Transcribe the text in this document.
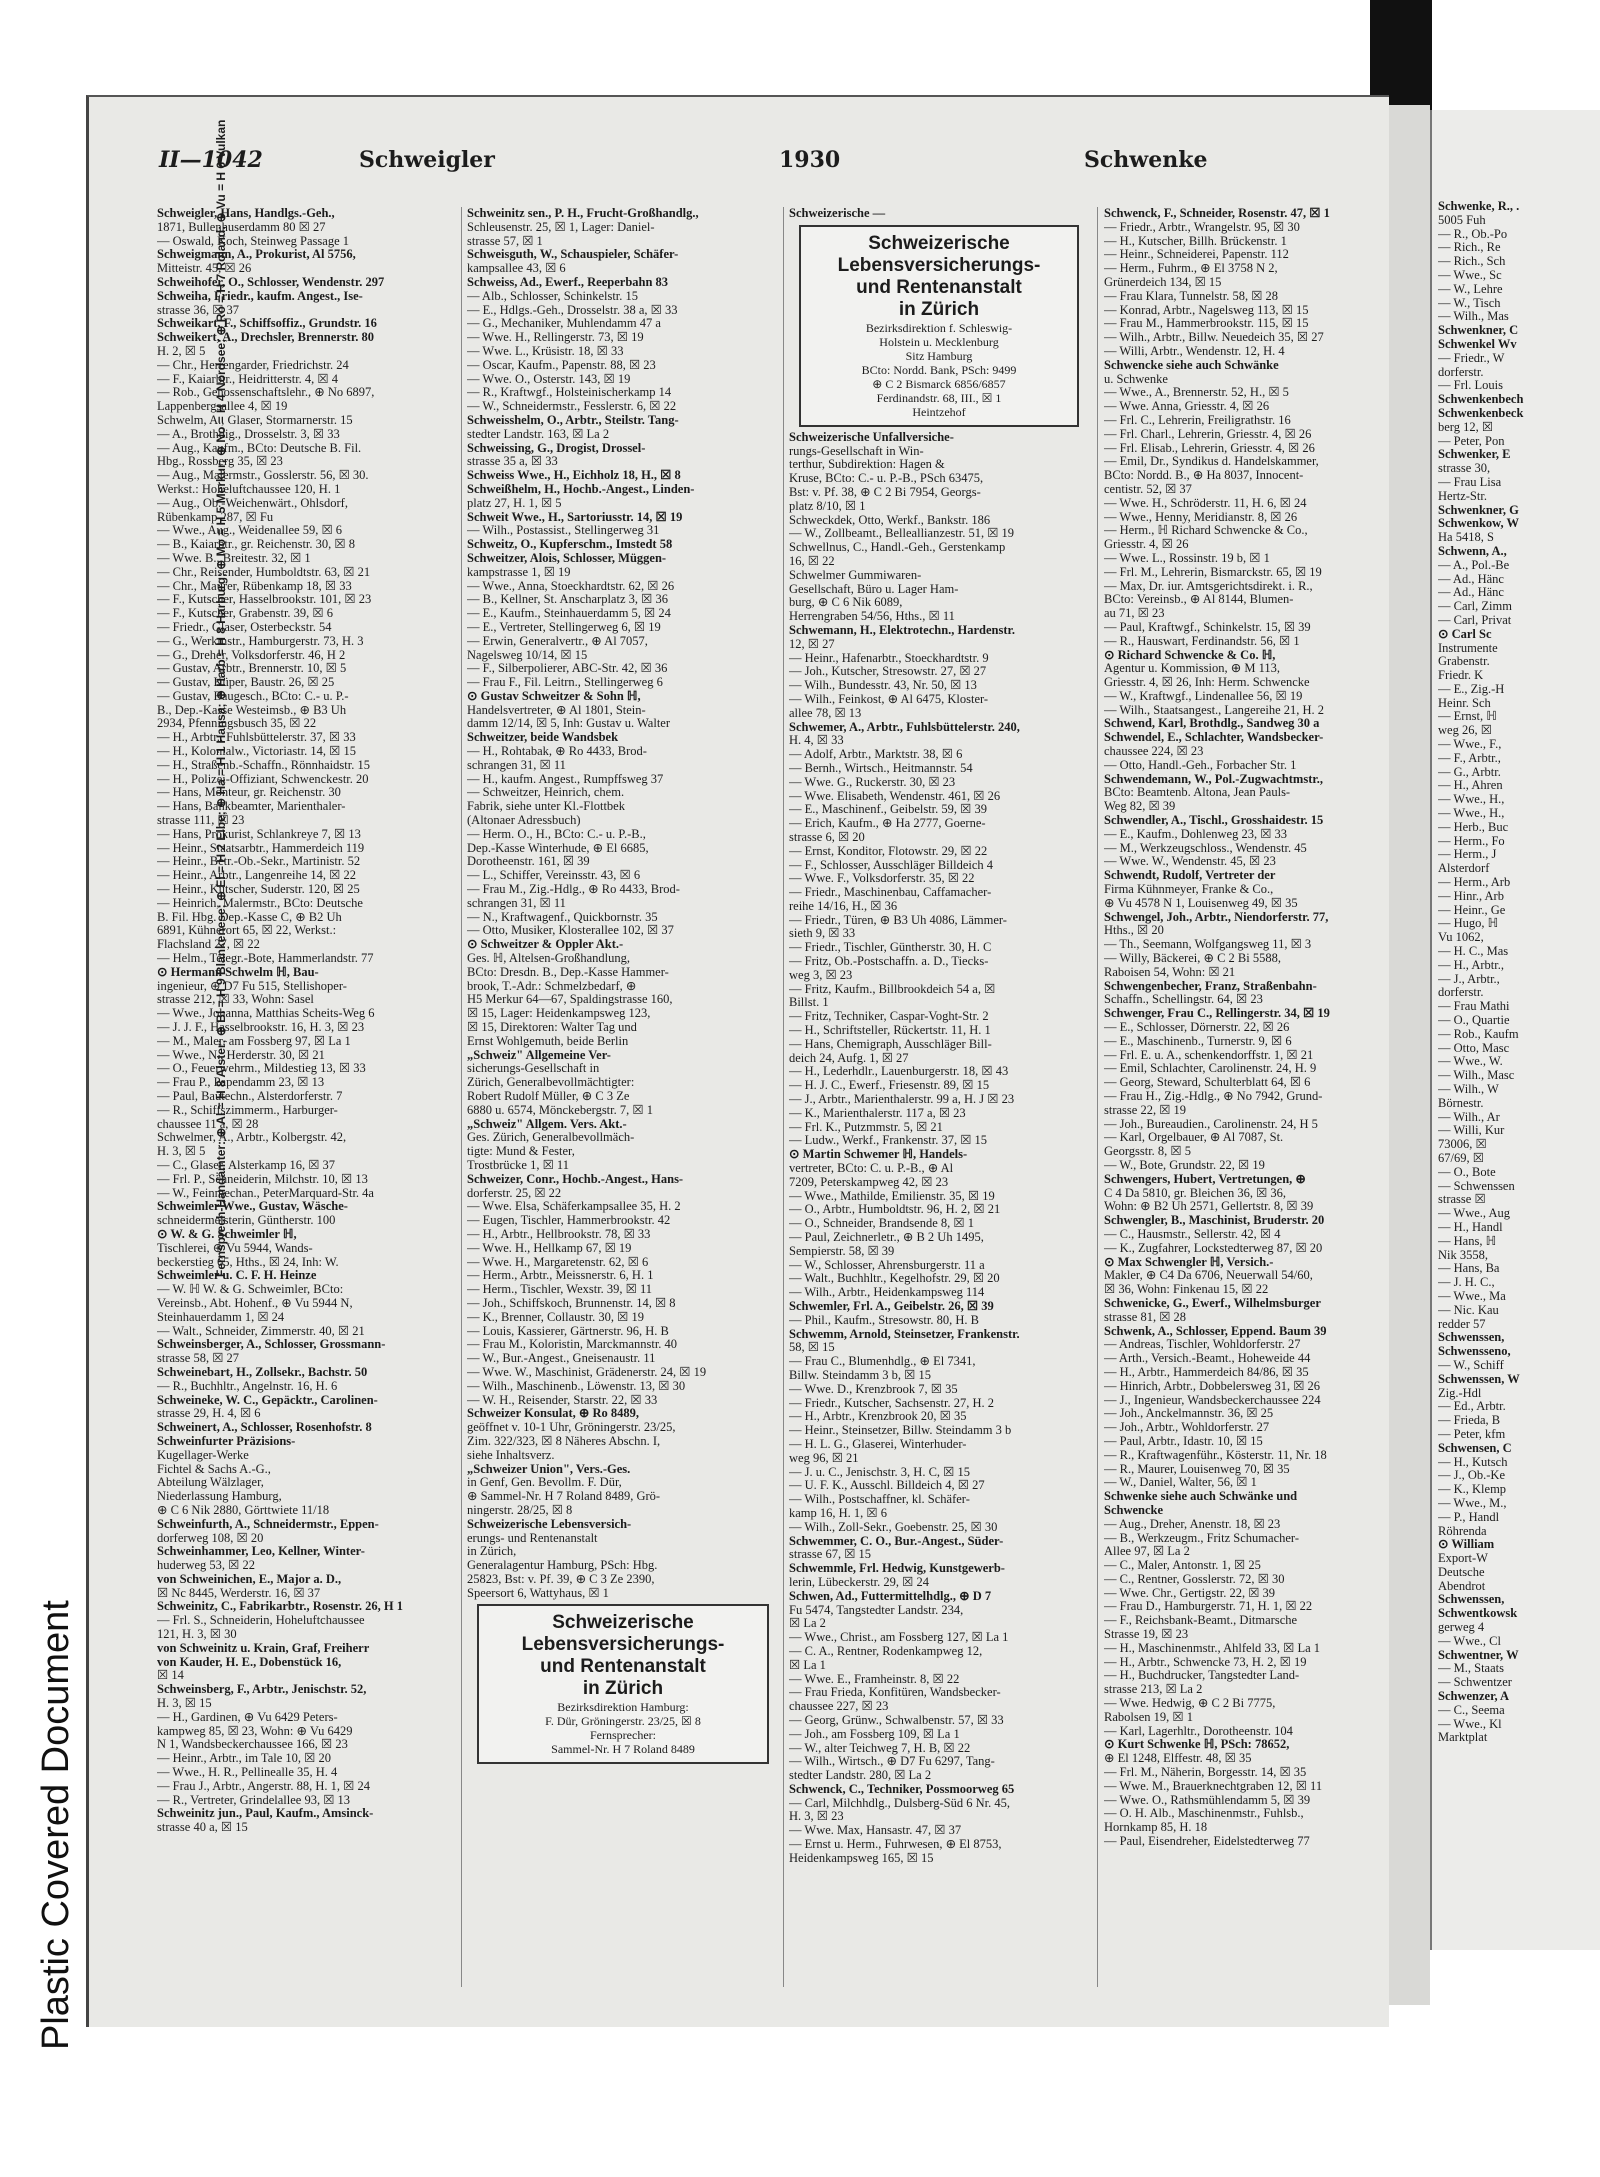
Plastic Covered Document
II—1042	Schweigler	1930	Schwenke
Fernsprech-Handämter: ⊕ Al = H 8 Alster; ⊕ Bl = H 9 Blankenese; ⊕ El = H 2 Elbe; ⊕ Ha = H 1 Hansa; ⊕ Harb = H 8 Harburg; ⊕ Mo = H 5 Merkur; ⊕ No = H 4 Nordsee; ⊕ Ro = H 7 Roland; ⊕ Vu = H 6 Vulkan
Schweigler, Hans, Handlgs.-Geh.,
1871, Bullenhuserdamm 80 ☒ 27
— Oswald, Koch, Steinweg Passage 1
Schweigmann, A., Prokurist, Al 5756,
Mitteistr. 45, ☒ 26
Schweihofer, O., Schlosser, Wendenstr. 297
Schweiha, Friedr., kaufm. Angest., Ise-
strasse 36, ☒ 37
Schweikart, F., Schiffsoffiz., Grundstr. 16
Schweikert, A., Drechsler, Brennerstr. 80
H. 2, ☒ 5
— Chr., Herrengarder, Friedrichstr. 24
— F., Kaiarbtr., Heidritterstr. 4, ☒ 4
— Rob., Genossenschaftslehr., ⊕ No 6897,
Lappenbergsallee 4, ☒ 19
Schwelm, A., Glaser, Stormarnerstr. 15
— A., Brothdig., Drosselstr. 3, ☒ 33
— Aug., Kaufm., BCto: Deutsche B. Fil.
Hbg., Rossberg 35, ☒ 23
— Aug., Malermstr., Gosslerstr. 56, ☒ 30.
Werkst.: Hoheluftchaussee 120, H. 1
— Aug., Ob.-Weichenwärt., Ohlsdorf,
Rübenkamp 287, ☒ Fu
— Wwe., Aug., Weidenallee 59, ☒ 6
— B., Kaiarbtr., gr. Reichenstr. 30, ☒ 8
— Wwe. B., Breitestr. 32, ☒ 1
— Chr., Reisender, Humboldtstr. 63, ☒ 21
— Chr., Maurer, Rübenkamp 18, ☒ 33
— F., Kutscher, Hasselbrookstr. 101, ☒ 23
— F., Kutscher, Grabenstr. 39, ☒ 6
— Friedr., Glaser, Osterbeckstr. 54
— G., Werkmstr., Hamburgerstr. 73, H. 3
— G., Dreher, Volksdorferstr. 46, H 2
— Gustav, Arbtr., Brennerstr. 10, ☒ 5
— Gustav, Küper, Baustr. 26, ☒ 25
— Gustav, Baugesch., BCto: C.- u. P.-
B., Dep.-Kasse Westeimsb., ⊕ B3 Uh
2934, Pfenningsbusch 35, ☒ 22
— H., Arbtr., Fuhlsbüttelerstr. 37, ☒ 33
— H., Kolonialw., Victoriastr. 14, ☒ 15
— H., Straßenb.-Schaffn., Rönnhaidstr. 15
— H., Polizei-Offiziant, Schwenckestr. 20
— Hans, Monteur, gr. Reichenstr. 30
— Hans, Bankbeamter, Marienthaler-
strasse 111, ☒ 23
— Hans, Prokurist, Schlankreye 7, ☒ 13
— Heinr., Staatsarbtr., Hammerdeich 119
— Heinr., Betr.-Ob.-Sekr., Martinistr. 52
— Heinr., Arbtr., Langenreihe 14, ☒ 22
— Heinr., Kutscher, Suderstr. 120, ☒ 25
— Heinrich, Malermstr., BCto: Deutsche
B. Fil. Hbg. Dep.-Kasse C, ⊕ B2 Uh
6891, Kühnerort 65, ☒ 22, Werkst.:
Flachsland 27, ☒ 22
— Helm., Telegr.-Bote, Hammerlandstr. 77
⊙ Hermann Schwelm ℍ, Bau-
ingenieur, ⊕ D7 Fu 515, Stellishoper-
strasse 212, ☒ 33, Wohn: Sasel
— Wwe., Johanna, Matthias Scheits-Weg 6
— J. J. F., Hasselbrookstr. 16, H. 3, ☒ 23
— M., Maler, am Fossberg 97, ☒ La 1
— Wwe., N., Herderstr. 30, ☒ 21
— O., Feuerwehrm., Mildestieg 13, ☒ 33
— Frau P., Papendamm 23, ☒ 13
— Paul, Bautechn., Alsterdorferstr. 7
— R., Schiffszimmerm., Harburger-
chaussee 11 a, ☒ 28
Schwelmer, A., Arbtr., Kolbergstr. 42,
H. 3, ☒ 5
— C., Glaser, Alsterkamp 16, ☒ 37
— Frl. P., Schneiderin, Milchstr. 10, ☒ 13
— W., Feinmechan., PeterMarquard-Str. 4a
Schweimler Wwe., Gustav, Wäsche-
schneidermeisterin, Güntherstr. 100
⊙ W. & G. Schweimler ℍ,
Tischlerei, ⊕ Vu 5944, Wands-
beckerstieg 65, Hths., ☒ 24, Inh: W.
Schweimler u. C. F. H. Heinze
— W. ℍ W. & G. Schweimler, BCto:
Vereinsb., Abt. Hohenf., ⊕ Vu 5944 N,
Steinhauerdamm 1, ☒ 24
— Walt., Schneider, Zimmerstr. 40, ☒ 21
Schweinsberger, A., Schlosser, Grossmann-
strasse 58, ☒ 27
Schweinebart, H., Zollsekr., Bachstr. 50
— R., Buchhltr., Angelnstr. 16, H. 6
Schweineke, W. C., Gepäcktr., Carolinen-
strasse 29, H. 4, ☒ 6
Schweinert, A., Schlosser, Rosenhofstr. 8
Schweinfurter Präzisions-
Kugellager-Werke
Fichtel & Sachs A.-G.,
Abteilung Wälzlager,
Niederlassung Hamburg,
⊕ C 6 Nik 2880, Görttwiete 11/18
Schweinfurth, A., Schneidermstr., Eppen-
dorferweg 108, ☒ 20
Schweinhammer, Leo, Kellner, Winter-
huderweg 53, ☒ 22
von Schweinichen, E., Major a. D.,
☒ Nc 8445, Werderstr. 16, ☒ 37
Schweinitz, C., Fabrikarbtr., Rosenstr. 26, H 1
— Frl. S., Schneiderin, Hoheluftchaussee
121, H. 3, ☒ 30
von Schweinitz u. Krain, Graf, Freiherr
von Kauder, H. E., Dobenstück 16,
☒ 14
Schweinsberg, F., Arbtr., Jenischstr. 52,
H. 3, ☒ 15
— H., Gardinen, ⊕ Vu 6429 Peters-
kampweg 85, ☒ 23, Wohn: ⊕ Vu 6429
N 1, Wandsbeckerchaussee 166, ☒ 23
— Heinr., Arbtr., im Tale 10, ☒ 20
— Wwe., H. R., Pellinealle 35, H. 4
— Frau J., Arbtr., Angerstr. 88, H. 1, ☒ 24
— R., Vertreter, Grindelallee 93, ☒ 13
Schweinitz jun., Paul, Kaufm., Amsinck-
strasse 40 a, ☒ 15
Schweinitz sen., P. H., Frucht-Großhandlg.,
Schleusenstr. 25, ☒ 1, Lager: Daniel-
strasse 57, ☒ 1
Schweisguth, W., Schauspieler, Schäfer-
kampsallee 43, ☒ 6
Schweiss, Ad., Ewerf., Reeperbahn 83
— Alb., Schlosser, Schinkelstr. 15
— E., Hdlgs.-Geh., Drosselstr. 38 a, ☒ 33
— G., Mechaniker, Muhlendamm 47 a
— Wwe. H., Rellingerstr. 73, ☒ 19
— Wwe. L., Krüsistr. 18, ☒ 33
— Oscar, Kaufm., Papenstr. 88, ☒ 23
— Wwe. O., Osterstr. 143, ☒ 19
— R., Kraftwgf., Holsteinischerkamp 14
— W., Schneidermstr., Fesslerstr. 6, ☒ 22
Schweisshelm, O., Arbtr., Steilstr. Tang-
stedter Landstr. 163, ☒ La 2
Schweissing, G., Drogist, Drossel-
strasse 35 a, ☒ 33
Schweiss Wwe., H., Eichholz 18, H., ☒ 8
Schweißhelm, H., Hochb.-Angest., Linden-
platz 27, H. 1, ☒ 5
Schweit Wwe., H., Sartoriusstr. 14, ☒ 19
— Wilh., Postassist., Stellingerweg 31
Schweitz, O., Kupferschm., Imstedt 58
Schweitzer, Alois, Schlosser, Müggen-
kampstrasse 1, ☒ 19
— Wwe., Anna, Stoeckhardtstr. 62, ☒ 26
— B., Kellner, St. Anscharplatz 3, ☒ 36
— E., Kaufm., Steinhauerdamm 5, ☒ 24
— E., Vertreter, Stellingerweg 6, ☒ 19
— Erwin, Generalvertr., ⊕ Al 7057,
Nagelsweg 10/14, ☒ 15
— F., Silberpolierer, ABC-Str. 42, ☒ 36
— Frau F., Fil. Leitrn., Stellingerweg 6
⊙ Gustav Schweitzer & Sohn ℍ,
Handelsvertreter, ⊕ Al 1801, Stein-
damm 12/14, ☒ 5, Inh: Gustav u. Walter
Schweitzer, beide Wandsbek
— H., Rohtabak, ⊕ Ro 4433, Brod-
schrangen 31, ☒ 11
— H., kaufm. Angest., Rumpffsweg 37
— Schweitzer, Heinrich, chem.
Fabrik, siehe unter Kl.-Flottbek
(Altonaer Adressbuch)
— Herm. O., H., BCto: C.- u. P.-B.,
Dep.-Kasse Winterhude, ⊕ El 6685,
Dorotheenstr. 161, ☒ 39
— L., Schiffer, Vereinsstr. 43, ☒ 6
— Frau M., Zig.-Hdlg., ⊕ Ro 4433, Brod-
schrangen 31, ☒ 11
— N., Kraftwagenf., Quickbornstr. 35
— Otto, Musiker, Klosterallee 102, ☒ 37
⊙ Schweitzer & Oppler Akt.-
Ges. ℍ, Altelsen-Großhandlung,
BCto: Dresdn. B., Dep.-Kasse Hammer-
brook, T.-Adr.: Schmelzbedarf, ⊕
H5 Merkur 64—67, Spaldingstrasse 160,
☒ 15, Lager: Heidenkampsweg 123,
☒ 15, Direktoren: Walter Tag und
Ernst Wohlgemuth, beide Berlin
„Schweiz" Allgemeine Ver-
sicherungs-Gesellschaft in
Zürich, Generalbevollmächtigter:
Robert Rudolf Müller, ⊕ C 3 Ze
6880 u. 6574, Mönckebergstr. 7, ☒ 1
„Schweiz" Allgem. Vers. Akt.-
Ges. Zürich, Generalbevollmäch-
tigte: Mund & Fester,
Trostbrücke 1, ☒ 11
Schweizer, Conr., Hochb.-Angest., Hans-
dorferstr. 25, ☒ 22
— Wwe. Elsa, Schäferkampsallee 35, H. 2
— Eugen, Tischler, Hammerbrookstr. 42
— H., Arbtr., Hellbrookstr. 78, ☒ 33
— Wwe. H., Hellkamp 67, ☒ 19
— Wwe. H., Margaretenstr. 62, ☒ 6
— Herm., Arbtr., Meissnerstr. 6, H. 1
— Herm., Tischler, Wexstr. 39, ☒ 11
— Joh., Schiffskoch, Brunnenstr. 14, ☒ 8
— K., Brenner, Collaustr. 30, ☒ 19
— Louis, Kassierer, Gärtnerstr. 96, H. B
— Frau M., Koloristin, Marckmannstr. 40
— W., Bur.-Angest., Gneisenaustr. 11
— Wwe. W., Maschinist, Grädenerstr. 24, ☒ 19
— Wilh., Maschinenb., Löwenstr. 13, ☒ 30
— W. H., Reisender, Starstr. 22, ☒ 33
Schweizer Konsulat, ⊕ Ro 8489,
geöffnet v. 10-1 Uhr, Gröningerstr. 23/25,
Zim. 322/323, ☒ 8 Näheres Abschn. I,
siehe Inhaltsverz.
„Schweizer Union", Vers.-Ges.
in Genf, Gen. Bevollm. F. Dür,
⊕ Sammel-Nr. H 7 Roland 8489, Grö-
ningerstr. 28/25, ☒ 8
Schweizerische Lebensversich-
erungs- und Rentenanstalt
in Zürich,
Generalagentur Hamburg, PSch: Hbg.
25823, Bst: v. Pf. 39, ⊕ C 3 Ze 2390,
Speersort 6, Wattyhaus, ☒ 1
Schweizerische
Lebensversicherungs-
und Rentenanstalt
in Zürich
Bezirksdirektion Hamburg:
F. Dür, Gröningerstr. 23/25, ☒ 8
Fernsprecher:
Sammel-Nr. H 7 Roland 8489
Schweizerische —
Schweizerische
Lebensversicherungs-
und Rentenanstalt
in Zürich
Bezirksdirektion f. Schleswig-
Holstein u. Mecklenburg
Sitz Hamburg
BCto: Nordd. Bank, PSch: 9499
⊕ C 2 Bismarck 6856/6857
Ferdinandstr. 68, III., ☒ 1
Heintzehof
Schweizerische Unfallversiche-
rungs-Gesellschaft in Win-
terthur, Subdirektion: Hagen &
Kruse, BCto: C.- u. P.-B., PSch 63475,
Bst: v. Pf. 38, ⊕ C 2 Bi 7954, Georgs-
platz 8/10, ☒ 1
Schweckdek, Otto, Werkf., Bankstr. 186
— W., Zollbeamt., Belleallianzestr. 51, ☒ 19
Schwellnus, C., Handl.-Geh., Gerstenkamp
16, ☒ 22
Schwelmer Gummiwaren-
Gesellschaft, Büro u. Lager Ham-
burg, ⊕ C 6 Nik 6089,
Herrengraben 54/56, Hths., ☒ 11
Schwemann, H., Elektrotechn., Hardenstr.
12, ☒ 27
— Heinr., Hafenarbtr., Stoeckhardtstr. 9
— Joh., Kutscher, Stresowstr. 27, ☒ 27
— Wilh., Bundesstr. 43, Nr. 50, ☒ 13
— Wilh., Feinkost, ⊕ Al 6475, Kloster-
allee 78, ☒ 13
Schwemer, A., Arbtr., Fuhlsbüttelerstr. 240,
H. 4, ☒ 33
— Adolf, Arbtr., Marktstr. 38, ☒ 6
— Bernh., Wirtsch., Heitmannstr. 54
— Wwe. G., Ruckerstr. 30, ☒ 23
— Wwe. Elisabeth, Wendenstr. 461, ☒ 26
— E., Maschinenf., Geibelstr. 59, ☒ 39
— Erich, Kaufm., ⊕ Ha 2777, Goerne-
strasse 6, ☒ 20
— Ernst, Konditor, Flotowstr. 29, ☒ 22
— F., Schlosser, Ausschläger Billdeich 4
— Wwe. F., Volksdorferstr. 35, ☒ 22
— Friedr., Maschinenbau, Caffamacher-
reihe 14/16, H., ☒ 36
— Friedr., Türen, ⊕ B3 Uh 4086, Lämmer-
sieth 9, ☒ 33
— Friedr., Tischler, Güntherstr. 30, H. C
— Fritz, Ob.-Postschaffn. a. D., Tiecks-
weg 3, ☒ 23
— Fritz, Kaufm., Billbrookdeich 54 a, ☒
Billst. 1
— Fritz, Techniker, Caspar-Voght-Str. 2
— H., Schriftsteller, Rückertstr. 11, H. 1
— Hans, Chemigraph, Ausschläger Bill-
deich 24, Aufg. 1, ☒ 27
— H., Lederhdlr., Lauenburgerstr. 18, ☒ 43
— H. J. C., Ewerf., Friesenstr. 89, ☒ 15
— J., Arbtr., Marienthalerstr. 99 a, H. J ☒ 23
— K., Marienthalerstr. 117 a, ☒ 23
— Frl. K., Putzmmstr. 5, ☒ 21
— Ludw., Werkf., Frankenstr. 37, ☒ 15
⊙ Martin Schwemer ℍ, Handels-
vertreter, BCto: C. u. P.-B., ⊕ Al
7209, Peterskampweg 42, ☒ 23
— Wwe., Mathilde, Emilienstr. 35, ☒ 19
— O., Arbtr., Humboldtstr. 96, H. 2, ☒ 21
— O., Schneider, Brandsende 8, ☒ 1
— Paul, Zeichnerletr., ⊕ B 2 Uh 1495,
Sempierstr. 58, ☒ 39
— W., Schlosser, Ahrensburgerstr. 11 a
— Walt., Buchhltr., Kegelhofstr. 29, ☒ 20
— Wilh., Arbtr., Heidenkampsweg 114
Schwemler, Frl. A., Geibelstr. 26, ☒ 39
— Phil., Kaufm., Stresowstr. 80, H. B
Schwemm, Arnold, Steinsetzer, Frankenstr.
58, ☒ 15
— Frau C., Blumenhdlg., ⊕ El 7341,
Billw. Steindamm 3 b, ☒ 15
— Wwe. D., Krenzbrook 7, ☒ 35
— Friedr., Kutscher, Sachsenstr. 27, H. 2
— H., Arbtr., Krenzbrook 20, ☒ 35
— Heinr., Steinsetzer, Billw. Steindamm 3 b
— H. L. G., Glaserei, Winterhuder-
weg 96, ☒ 21
— J. u. C., Jenischstr. 3, H. C, ☒ 15
— U. F. K., Ausschl. Billdeich 4, ☒ 27
— Wilh., Postschaffner, kl. Schäfer-
kamp 16, H. 1, ☒ 6
— Wilh., Zoll-Sekr., Goebenstr. 25, ☒ 30
Schwemmer, C. O., Bur.-Angest., Süder-
strasse 67, ☒ 15
Schwemmle, Frl. Hedwig, Kunstgewerb-
lerin, Lübeckerstr. 29, ☒ 24
Schwen, Ad., Futtermittelhdlg., ⊕ D 7
Fu 5474, Tangstedter Landstr. 234,
☒ La 2
— Wwe., Christ., am Fossberg 127, ☒ La 1
— C. A., Rentner, Rodenkampweg 12,
☒ La 1
— Wwe. E., Framheinstr. 8, ☒ 22
— Frau Frieda, Konfitüren, Wandsbecker-
chaussee 227, ☒ 23
— Georg, Grünw., Schwalbenstr. 57, ☒ 33
— Joh., am Fossberg 109, ☒ La 1
— W., alter Teichweg 7, H. B, ☒ 22
— Wilh., Wirtsch., ⊕ D7 Fu 6297, Tang-
stedter Landstr. 280, ☒ La 2
Schwenck, C., Techniker, Possmoorweg 65
— Carl, Milchhdlg., Dulsberg-Süd 6 Nr. 45,
H. 3, ☒ 23
— Wwe. Max, Hansastr. 47, ☒ 37
— Ernst u. Herm., Fuhrwesen, ⊕ El 8753,
Heidenkampsweg 165, ☒ 15
Schwenck, F., Schneider, Rosenstr. 47, ☒ 1
— Friedr., Arbtr., Wrangelstr. 95, ☒ 30
— H., Kutscher, Billh. Brückenstr. 1
— Heinr., Schneiderei, Papenstr. 112
— Herm., Fuhrm., ⊕ El 3758 N 2,
Grünerdeich 134, ☒ 15
— Frau Klara, Tunnelstr. 58, ☒ 28
— Konrad, Arbtr., Nagelsweg 113, ☒ 15
— Frau M., Hammerbrookstr. 115, ☒ 15
— Wilh., Arbtr., Billw. Neuedeich 35, ☒ 27
— Willi, Arbtr., Wendenstr. 12, H. 4
Schwencke siehe auch Schwänke
u. Schwenke
— Wwe., A., Brennerstr. 52, H., ☒ 5
— Wwe. Anna, Griesstr. 4, ☒ 26
— Frl. C., Lehrerin, Freiligrathstr. 16
— Frl. Charl., Lehrerin, Griesstr. 4, ☒ 26
— Frl. Elisab., Lehrerin, Griesstr. 4, ☒ 26
— Emil, Dr., Syndikus d. Handelskammer,
BCto: Nordd. B., ⊕ Ha 8037, Innocent-
centistr. 52, ☒ 37
— Wwe. H., Schröderstr. 11, H. 6, ☒ 24
— Wwe., Henny, Meridianstr. 8, ☒ 26
— Herm., ℍ Richard Schwencke & Co.,
Griesstr. 4, ☒ 26
— Wwe. L., Rossinstr. 19 b, ☒ 1
— Frl. M., Lehrerin, Bismarckstr. 65, ☒ 19
— Max, Dr. iur. Amtsgerichtsdirekt. i. R.,
BCto: Vereinsb., ⊕ Al 8144, Blumen-
au 71, ☒ 23
— Paul, Kraftwgf., Schinkelstr. 15, ☒ 39
— R., Hauswart, Ferdinandstr. 56, ☒ 1
⊙ Richard Schwencke & Co. ℍ,
Agentur u. Kommission, ⊕ M 113,
Griesstr. 4, ☒ 26, Inh: Herm. Schwencke
— W., Kraftwgf., Lindenallee 56, ☒ 19
— Wilh., Staatsangest., Langereihe 21, H. 2
Schwend, Karl, Brothdlg., Sandweg 30 a
Schwendel, E., Schlachter, Wandsbecker-
chaussee 224, ☒ 23
— Otto, Handl.-Geh., Forbacher Str. 1
Schwendemann, W., Pol.-Zugwachtmstr.,
BCto: Beamtenb. Altona, Jean Pauls-
Weg 82, ☒ 39
Schwendler, A., Tischl., Grosshaidestr. 15
— E., Kaufm., Dohlenweg 23, ☒ 33
— M., Werkzeugschloss., Wendenstr. 45
— Wwe. W., Wendenstr. 45, ☒ 23
Schwendt, Rudolf, Vertreter der
Firma Kühnmeyer, Franke & Co.,
⊕ Vu 4578 N 1, Louisenweg 49, ☒ 35
Schwengel, Joh., Arbtr., Niendorferstr. 77,
Hths., ☒ 20
— Th., Seemann, Wolfgangsweg 11, ☒ 3
— Willy, Bäckerei, ⊕ C 2 Bi 5588,
Raboisen 54, Wohn: ☒ 21
Schwengenbecher, Franz, Straßenbahn-
Schaffn., Schellingstr. 64, ☒ 23
Schwenger, Frau C., Rellingerstr. 34, ☒ 19
— E., Schlosser, Dörnerstr. 22, ☒ 26
— E., Maschinenb., Turnerstr. 9, ☒ 6
— Frl. E. u. A., schenkendorffstr. 1, ☒ 21
— Emil, Schlachter, Carolinenstr. 24, H. 9
— Georg, Steward, Schulterblatt 64, ☒ 6
— Frau H., Zig.-Hdlg., ⊕ No 7942, Grund-
strasse 22, ☒ 19
— Joh., Bureaudien., Carolinenstr. 24, H 5
— Karl, Orgelbauer, ⊕ Al 7087, St.
Georgsstr. 8, ☒ 5
— W., Bote, Grundstr. 22, ☒ 19
Schwengers, Hubert, Vertretungen, ⊕
C 4 Da 5810, gr. Bleichen 36, ☒ 36,
Wohn: ⊕ B2 Uh 2571, Gellertstr. 8, ☒ 39
Schwengler, B., Maschinist, Bruderstr. 20
— C., Hausmstr., Sellerstr. 42, ☒ 4
— K., Zugfahrer, Lockstedterweg 87, ☒ 20
⊙ Max Schwengler ℍ, Versich.-
Makler, ⊕ C4 Da 6706, Neuerwall 54/60,
☒ 36, Wohn: Finkenau 15, ☒ 22
Schwenicke, G., Ewerf., Wilhelmsburger
strasse 81, ☒ 28
Schwenk, A., Schlosser, Eppend. Baum 39
— Andreas, Tischler, Wohldorferstr. 27
— Arth., Versich.-Beamt., Hoheweide 44
— H., Arbtr., Hammerdeich 84/86, ☒ 35
— Hinrich, Arbtr., Dobbelersweg 31, ☒ 26
— J., Ingenieur, Wandsbeckerchaussee 224
— Joh., Anckelmannstr. 36, ☒ 25
— Joh., Arbtr., Wohldorferstr. 27
— Paul, Arbtr., Idastr. 10, ☒ 15
— R., Kraftwagenführ., Kösterstr. 11, Nr. 18
— R., Maurer, Louisenweg 70, ☒ 35
— W., Daniel, Walter, 56, ☒ 1
Schwenke siehe auch Schwänke und
Schwencke
— Aug., Dreher, Anenstr. 18, ☒ 23
— B., Werkzeugm., Fritz Schumacher-
Allee 97, ☒ La 2
— C., Maler, Antonstr. 1, ☒ 25
— C., Rentner, Gosslerstr. 72, ☒ 30
— Wwe. Chr., Gertigstr. 22, ☒ 39
— Frau D., Hamburgerstr. 71, H. 1, ☒ 22
— F., Reichsbank-Beamt., Ditmarsche
Strasse 19, ☒ 23
— H., Maschinenmstr., Ahlfeld 33, ☒ La 1
— H., Arbtr., Schwencke 73, H. 2, ☒ 19
— H., Buchdrucker, Tangstedter Land-
strasse 213, ☒ La 2
— Wwe. Hedwig, ⊕ C 2 Bi 7775,
Rabolsen 19, ☒ 1
— Karl, Lagerhltr., Dorotheenstr. 104
⊙ Kurt Schwenke ℍ, PSch: 78652,
⊕ El 1248, Elffestr. 48, ☒ 35
— Frl. M., Näherin, Borgesstr. 14, ☒ 35
— Wwe. M., Brauerknechtgraben 12, ☒ 11
— Wwe. O., Rathsmühlendamm 5, ☒ 39
— O. H. Alb., Maschinenmstr., Fuhlsb.,
Hornkamp 85, H. 18
— Paul, Eisendreher, Eidelstedterweg 77
Schwenke, R., .
5005 Fuh
— R., Ob.-Po
— Rich., Re
— Rich., Sch
— Wwe., Sc
— W., Lehre
— W., Tisch
— Wilh., Mas
Schwenkner, C
Schwenkel Wv
— Friedr., W
dorferstr.
— Frl. Louis
Schwenkenbech
Schwenkenbeck
berg 12, ☒
— Peter, Pon
Schwenker, E
strasse 30,
— Frau Lisa
Hertz-Str.
Schwenkner, G
Schwenkow, W
Ha 5418, S
Schwenn, A.,
— A., Pol.-Be
— Ad., Hänc
— Ad., Hänc
— Carl, Zimm
— Carl, Privat
⊙ Carl Sc
Instrumente
Grabenstr.
Friedr. K
— E., Zig.-H
Heinr. Sch
— Ernst, ℍ
weg 26, ☒
— Wwe., F.,
— F., Arbtr.,
— G., Arbtr.
— H., Ahren
— Wwe., H.,
— Wwe., H.,
— Herb., Buc
— Herm., Fo
— Herm., J
Alsterdorf
— Herm., Arb
— Hinr., Arb
— Heinr., Ge
— Hugo, ℍ
Vu 1062,
— H. C., Mas
— H., Arbtr.,
— J., Arbtr.,
dorferstr.
— Frau Mathi
— O., Quartie
— Rob., Kaufm
— Otto, Masc
— Wwe., W.
— Wilh., Masc
— Wilh., W
Börnestr.
— Wilh., Ar
— Willi, Kur
73006, ☒
67/69, ☒
— O., Bote
— Schwenssen
strasse ☒
— Wwe., Aug
— H., Handl
— Hans, ℍ
Nik 3558,
— Hans, Ba
— J. H. C.,
— Wwe., Ma
— Nic. Kau
redder 57
Schwenssen,
Schwensseno,
— W., Schiff
Schwenssen, W
Zig.-Hdl
— Ed., Arbtr.
— Frieda, B
— Peter, kfm
Schwensen, C
— H., Kutsch
— J., Ob.-Ke
— K., Klemp
— Wwe., M.,
— P., Handl
Röhrenda
⊙ William
Export-W
Deutsche
Abendrot
Schwenssen,
Schwentkowsk
gerweg 4
— Wwe., Cl
Schwentner, W
— M., Staats
— Schwentzer
Schwenzer, A
— C., Seema
— Wwe., Kl
Marktplat
